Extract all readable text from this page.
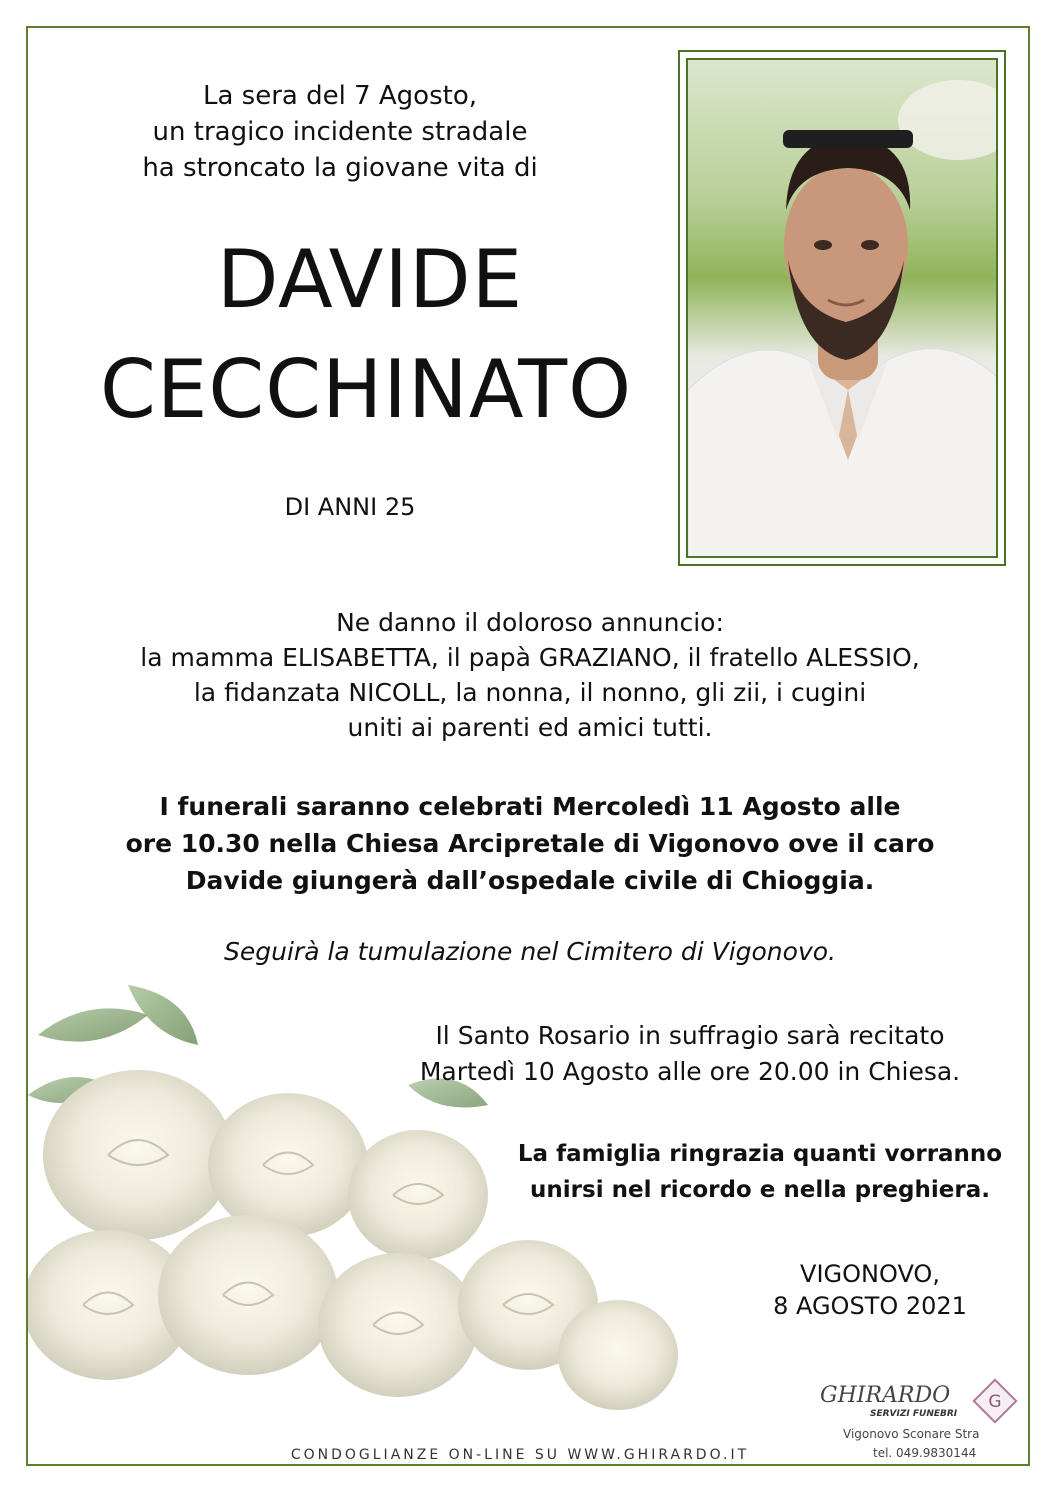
La sera del 7 Agosto,
un tragico incidente stradale
ha stroncato la giovane vita di
DAVIDE
CECCHINATO
DI ANNI 25
Ne danno il doloroso annuncio:
la mamma ELISABETTA, il papà GRAZIANO, il fratello ALESSIO,
la fidanzata NICOLL, la nonna, il nonno, gli zii, i cugini
uniti ai parenti ed amici tutti.
I funerali saranno celebrati Mercoledì 11 Agosto alle
ore 10.30 nella Chiesa Arcipretale di Vigonovo ove il caro
Davide giungerà dall’ospedale civile di Chioggia.
Seguirà la tumulazione nel Cimitero di Vigonovo.
Il Santo Rosario in suffragio sarà recitato
Martedì 10 Agosto alle ore 20.00 in Chiesa.
La famiglia ringrazia quanti vorranno
unirsi nel ricordo e nella preghiera.
VIGONOVO,
8 AGOSTO 2021
CONDOGLIANZE ON-LINE SU WWW.GHIRARDO.IT
GHIRARDO
SERVIZI FUNEBRI
G
Vigonovo Sconare Stra
tel. 049.9830144
